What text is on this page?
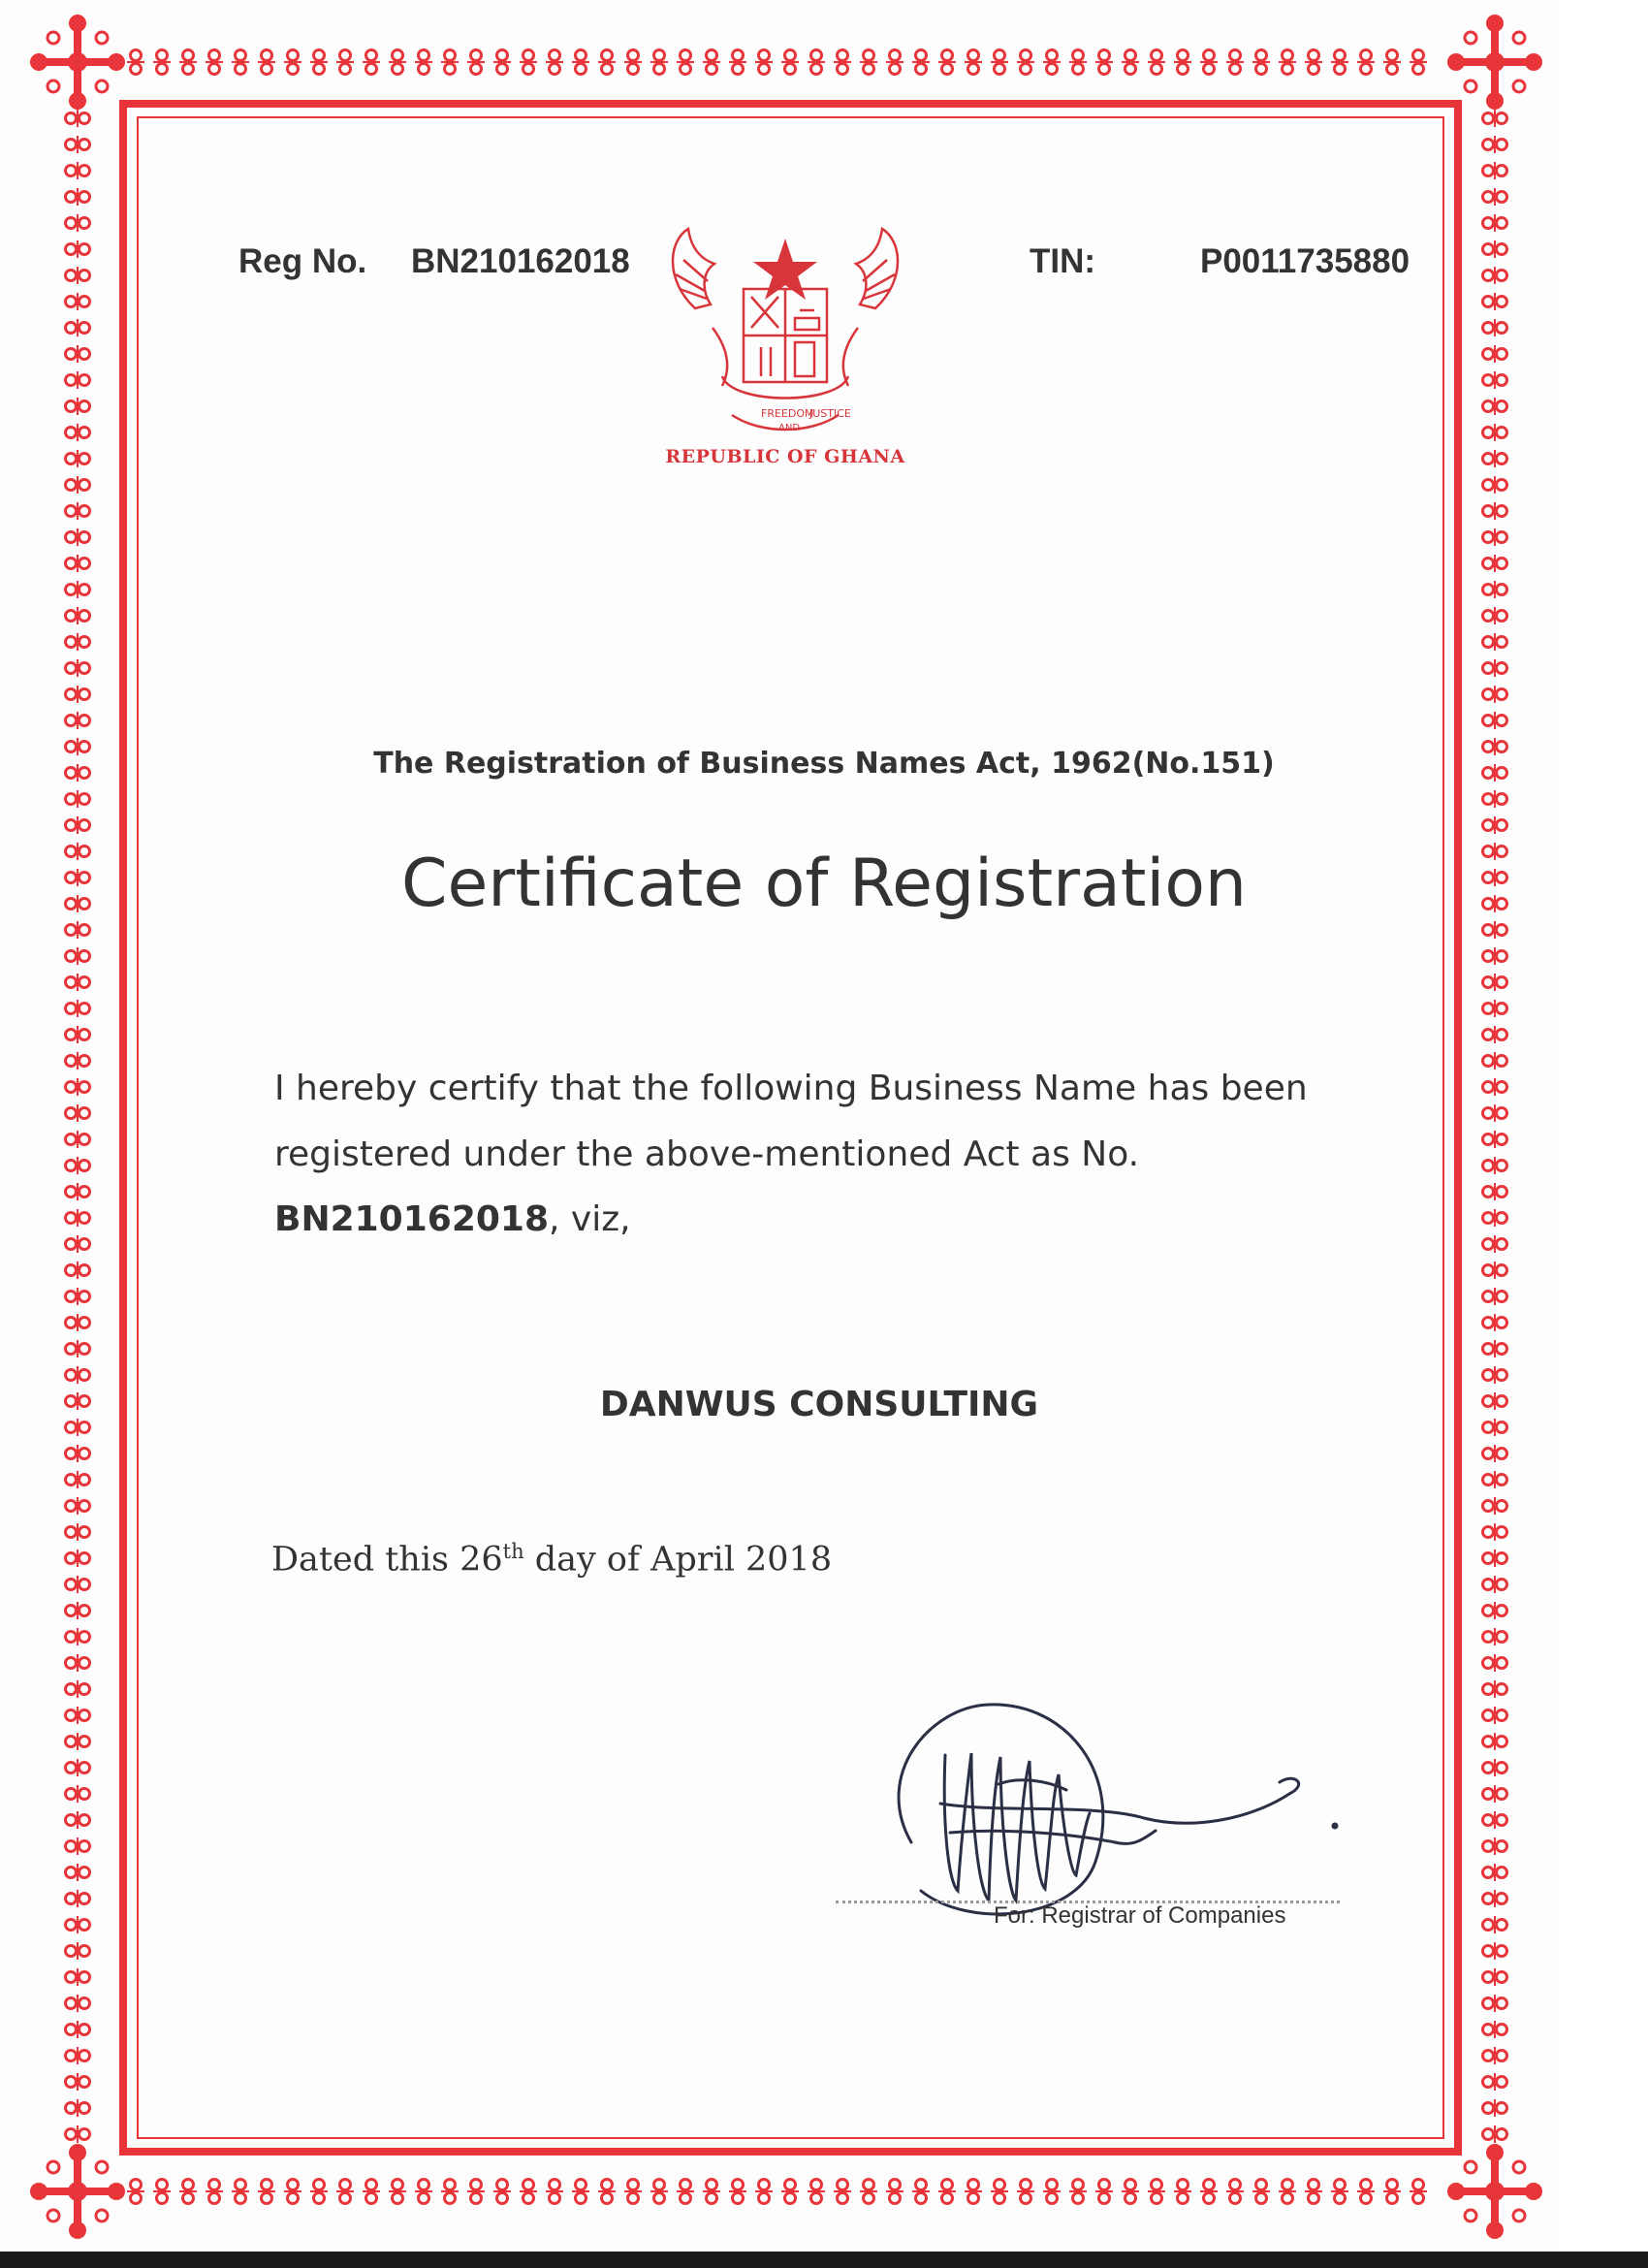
Reg No. BN210162018	TIN:	P0011735880
FREEDOM
AND
JUSTICE
REPUBLIC OF GHANA
The Registration of Business Names Act, 1962(No.151)
Certificate of Registration
I hereby certify that the following Business Name has been
registered under the above-mentioned Act as No.
BN210162018, viz,
DANWUS CONSULTING
Dated this 26th day of April 2018
For: Registrar of Companies
